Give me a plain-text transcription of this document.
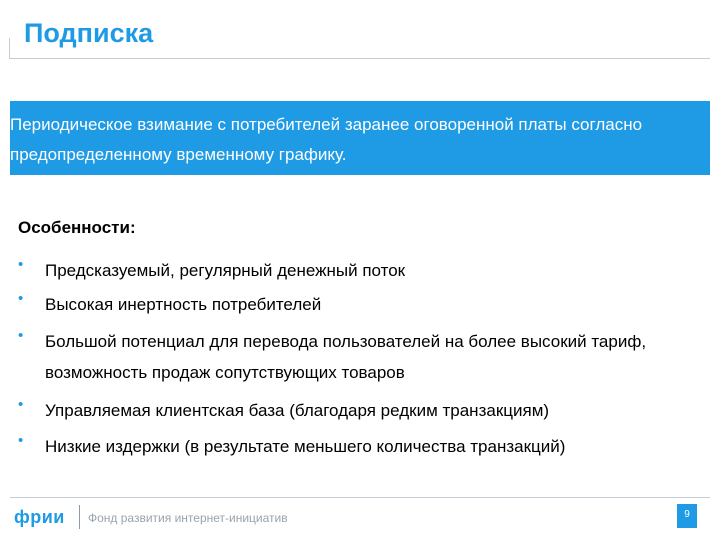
Подписка
Периодическое взимание с потребителей заранее оговоренной платы согласно предопределенному временному графику.
Особенности:
• Предсказуемый, регулярный денежный поток
• Высокая инертность потребителей
• Большой потенциал для перевода пользователей на более высокий тариф, возможность продаж сопутствующих товаров
• Управляемая клиентская база (благодаря редким транзакциям)
• Низкие издержки (в результате меньшего количества транзакций)
фрии Фонд развития интернет-инициатив	9
